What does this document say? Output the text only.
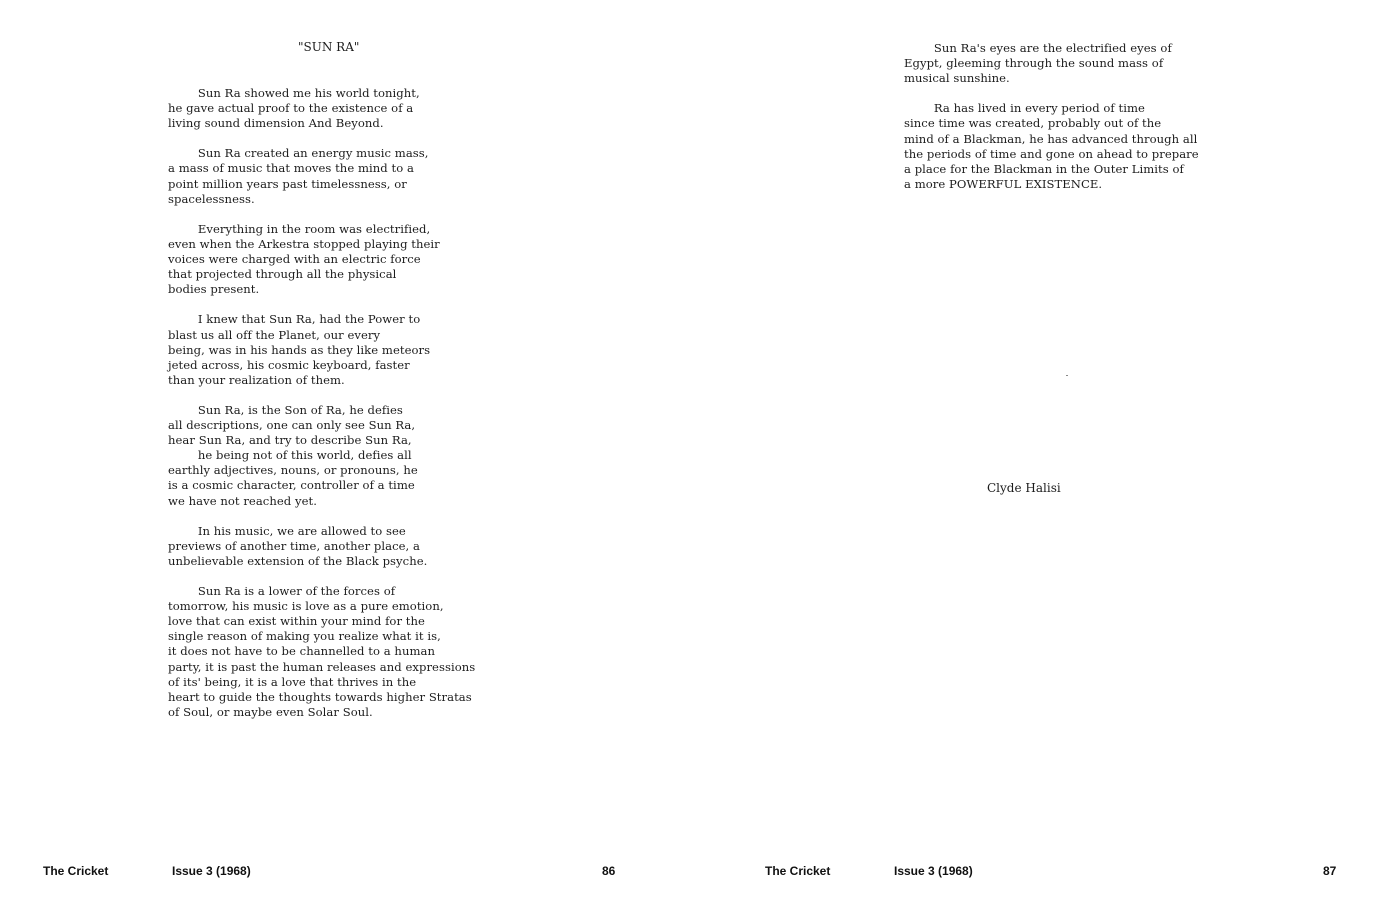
"SUN RA"

Sun Ra showed me his world tonight,
he gave actual proof to the existence of a
living sound dimension And Beyond.

Sun Ra created an energy music mass,
a mass of music that moves the mind to a
point million years past timelessness, or
spacelessness.

Everything in the room was electrified,
even when the Arkestra stopped playing their
voices were charged with an electric force
that projected through all the physical
bodies present.

I knew that Sun Ra, had the Power to
blast us all off the Planet, our every
being, was in his hands as they like meteors
jeted across, his cosmic keyboard, faster
than your realization of them.

Sun Ra, is the Son of Ra, he defies
all descriptions, one can only see Sun Ra,
hear Sun Ra, and try to describe Sun Ra,
he being not of this world, defies all
earthly adjectives, nouns, or pronouns, he
is a cosmic character, controller of a time
we have not reached yet.

In his music, we are allowed to see
previews of another time, another place, a
unbelievable extension of the Black psyche.

Sun Ra is a lower of the forces of
tomorrow, his music is love as a pure emotion,
love that can exist within your mind for the
single reason of making you realize what it is,
it does not have to be channelled to a human
party, it is past the human releases and expressions
of its' being, it is a love that thrives in the
heart to guide the thoughts towards higher Stratas
of Soul, or maybe even Solar Soul.

Sun Ra's eyes are the electrified eyes of
Egypt, gleeming through the sound mass of
musical sunshine.

Ra has lived in every period of time
since time was created, probably out of the
mind of a Blackman, he has advanced through all
the periods of time and gone on ahead to prepare
a place for the Blackman in the Outer Limits of
a more POWERFUL EXISTENCE.

Clyde Halisi
The Cricket	Issue 3 (1968)	86	The Cricket	Issue 3 (1968)	87
